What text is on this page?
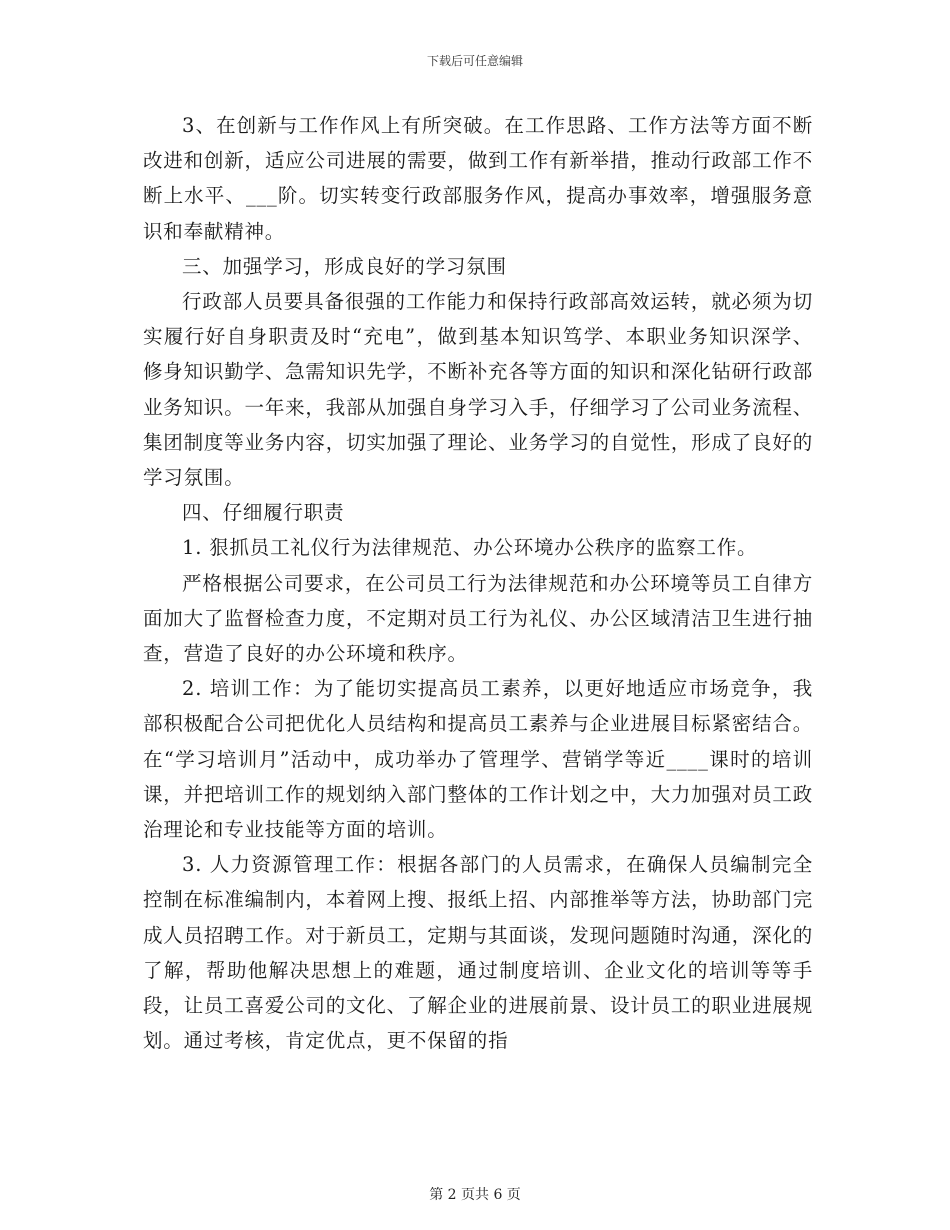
下载后可任意编辑

3、在创新与工作作风上有所突破。在工作思路、工作方法等方面不断改进和创新，适应公司进展的需要，做到工作有新举措，推动行政部工作不断上水平、___阶。切实转变行政部服务作风，提高办事效率，增强服务意识和奉献精神。

三、加强学习，形成良好的学习氛围

行政部人员要具备很强的工作能力和保持行政部高效运转，就必须为切实履行好自身职责及时“充电”，做到基本知识笃学、本职业务知识深学、修身知识勤学、急需知识先学，不断补充各等方面的知识和深化钻研行政部业务知识。一年来，我部从加强自身学习入手，仔细学习了公司业务流程、集团制度等业务内容，切实加强了理论、业务学习的自觉性，形成了良好的学习氛围。

四、仔细履行职责

1. 狠抓员工礼仪行为法律规范、办公环境办公秩序的监察工作。

严格根据公司要求，在公司员工行为法律规范和办公环境等员工自律方面加大了监督检查力度，不定期对员工行为礼仪、办公区域清洁卫生进行抽查，营造了良好的办公环境和秩序。

2. 培训工作：为了能切实提高员工素养，以更好地适应市场竞争，我部积极配合公司把优化人员结构和提高员工素养与企业进展目标紧密结合。在“学习培训月”活动中，成功举办了管理学、营销学等近____课时的培训课，并把培训工作的规划纳入部门整体的工作计划之中，大力加强对员工政治理论和专业技能等方面的培训。

3. 人力资源管理工作：根据各部门的人员需求，在确保人员编制完全控制在标准编制内，本着网上搜、报纸上招、内部推举等方法，协助部门完成人员招聘工作。对于新员工，定期与其面谈，发现问题随时沟通，深化的了解，帮助他解决思想上的难题，通过制度培训、企业文化的培训等等手段，让员工喜爱公司的文化、了解企业的进展前景、设计员工的职业进展规划。通过考核，肯定优点，更不保留的指

第 2 页共 6 页
